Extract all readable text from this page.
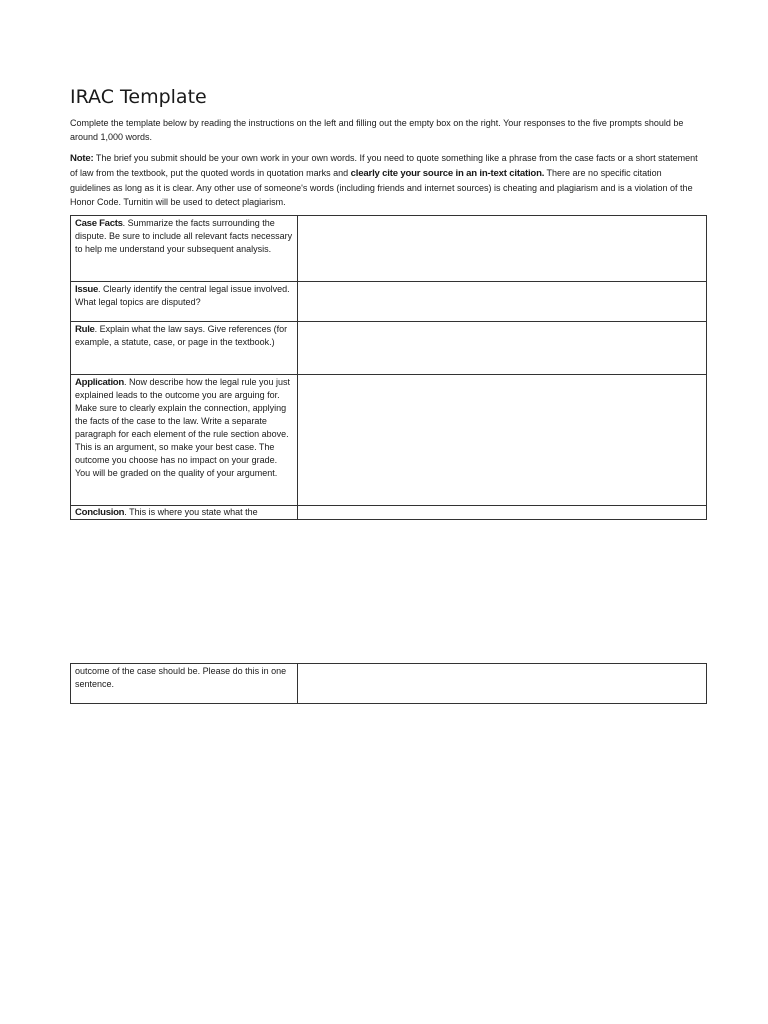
IRAC Template

Complete the template below by reading the instructions on the left and filling out the empty box on the right. Your responses to the five prompts should be around 1,000 words.

Note: The brief you submit should be your own work in your own words. If you need to quote something like a phrase from the case facts or a short statement of law from the textbook, put the quoted words in quotation marks and clearly cite your source in an in-text citation. There are no specific citation guidelines as long as it is clear. Any other use of someone's words (including friends and internet sources) is cheating and plagiarism and is a violation of the Honor Code. Turnitin will be used to detect plagiarism.

Case Facts. Summarize the facts surrounding the dispute. Be sure to include all relevant facts necessary to help me understand your subsequent analysis.	
Issue. Clearly identify the central legal issue involved. What legal topics are disputed?	
Rule. Explain what the law says. Give references (for example, a statute, case, or page in the textbook.)	
Application. Now describe how the legal rule you just explained leads to the outcome you are arguing for. Make sure to clearly explain the connection, applying the facts of the case to the law. Write a separate paragraph for each element of the rule section above. This is an argument, so make your best case. The outcome you choose has no impact on your grade. You will be graded on the quality of your argument.	
Conclusion. This is where you state what the	
outcome of the case should be. Please do this in one sentence.	
